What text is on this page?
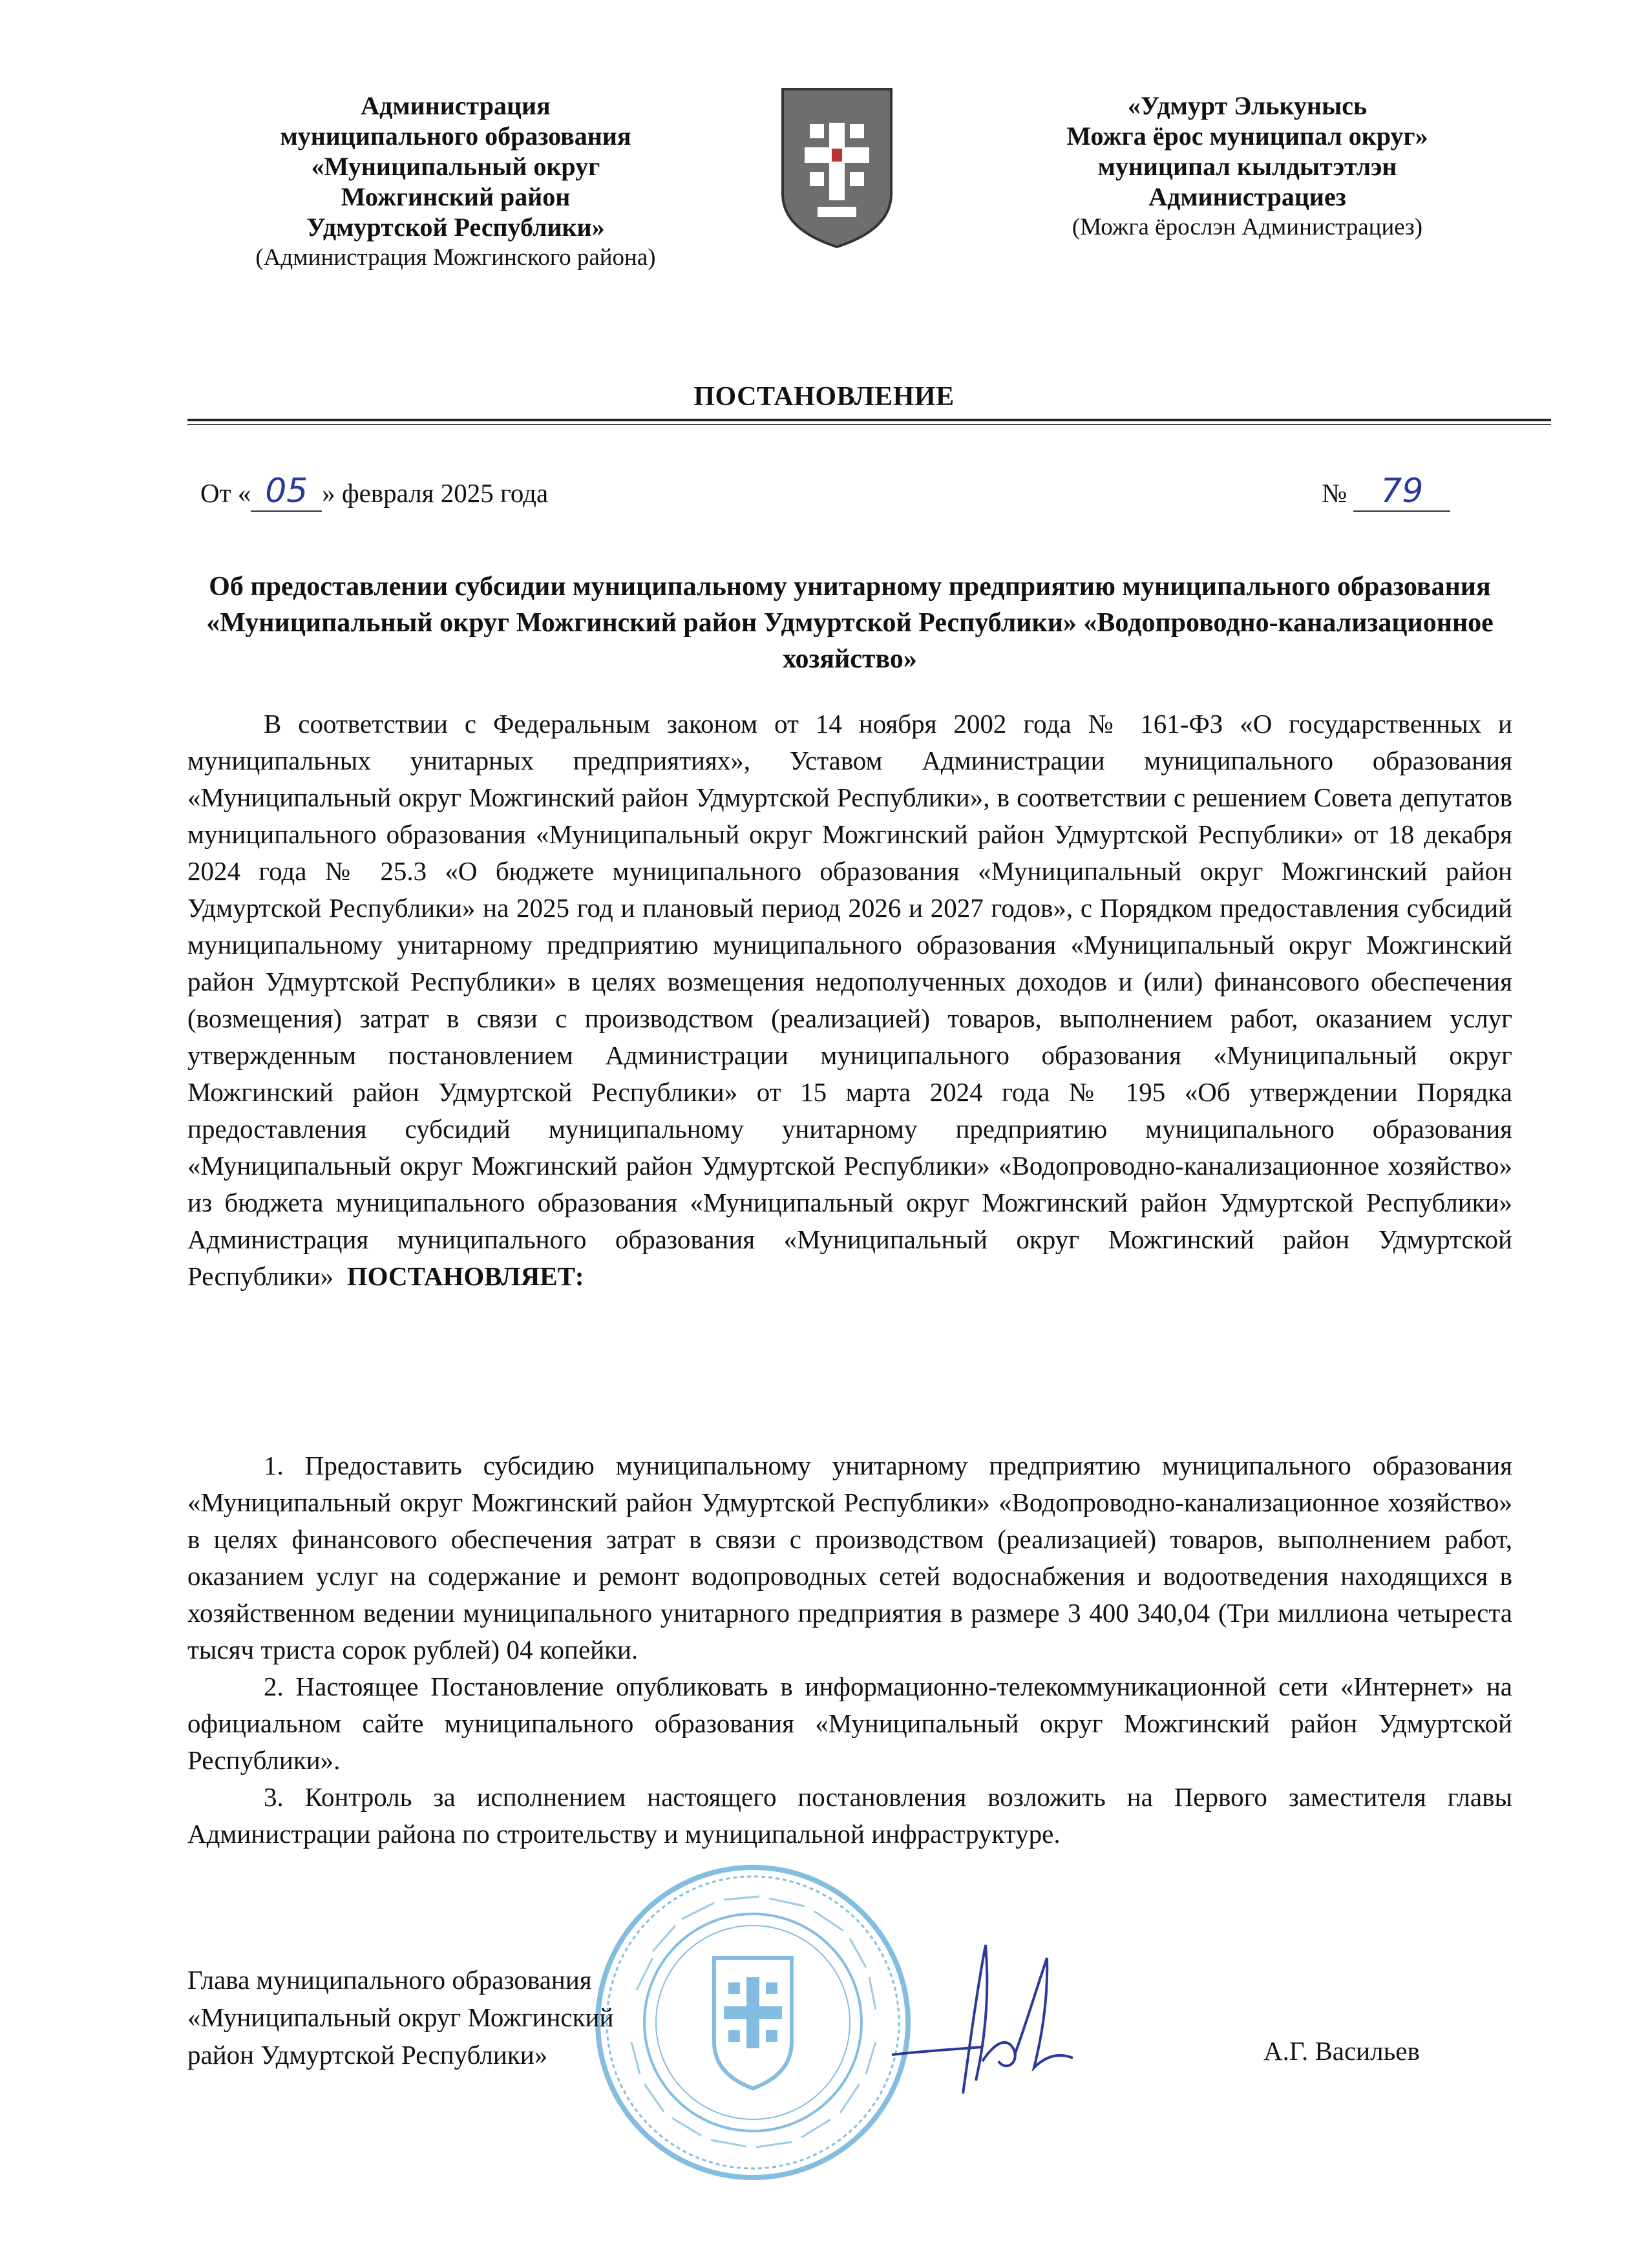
Администрация
муниципального образования
«Муниципальный округ
Можгинский район
Удмуртской Республики»
(Администрация Можгинского района)
«Удмурт Элькунысь
Можга ёрос муниципал округ»
муниципал кылдытэтлэн
Администрациез
(Можга ёрослэн Администрациез)
ПОСТАНОВЛЕНИЕ
От « 05 » февраля 2025 года	№ 79
Об предоставлении субсидии муниципальному унитарному предприятию муниципального образования «Муниципальный округ Можгинский район Удмуртской Республики» «Водопроводно-канализационное хозяйство»

В соответствии с Федеральным законом от 14 ноября 2002 года № 161-ФЗ «О государственных и муниципальных унитарных предприятиях», Уставом Администрации муниципального образования «Муниципальный округ Можгинский район Удмуртской Республики», в соответствии с решением Совета депутатов муниципального образования «Муниципальный округ Можгинский район Удмуртской Республики» от 18 декабря 2024 года № 25.3 «О бюджете муниципального образования «Муниципальный округ Можгинский район Удмуртской Республики» на 2025 год и плановый период 2026 и 2027 годов», с Порядком предоставления субсидий муниципальному унитарному предприятию муниципального образования «Муниципальный округ Можгинский район Удмуртской Республики» в целях возмещения недополученных доходов и (или) финансового обеспечения (возмещения) затрат в связи с производством (реализацией) товаров, выполнением работ, оказанием услуг утвержденным постановлением Администрации муниципального образования «Муниципальный округ Можгинский район Удмуртской Республики» от 15 марта 2024 года № 195 «Об утверждении Порядка предоставления субсидий муниципальному унитарному предприятию муниципального образования «Муниципальный округ Можгинский район Удмуртской Республики» «Водопроводно-канализационное хозяйство» из бюджета муниципального образования «Муниципальный округ Можгинский район Удмуртской Республики» Администрация муниципального образования «Муниципальный округ Можгинский район Удмуртской Республики» ПОСТАНОВЛЯЕТ:

1. Предоставить субсидию муниципальному унитарному предприятию муниципального образования «Муниципальный округ Можгинский район Удмуртской Республики» «Водопроводно-канализационное хозяйство» в целях финансового обеспечения затрат в связи с производством (реализацией) товаров, выполнением работ, оказанием услуг на содержание и ремонт водопроводных сетей водоснабжения и водоотведения находящихся в хозяйственном ведении муниципального унитарного предприятия в размере 3 400 340,04 (Три миллиона четыреста тысяч триста сорок рублей) 04 копейки.

2. Настоящее Постановление опубликовать в информационно-телекоммуникационной сети «Интернет» на официальном сайте муниципального образования «Муниципальный округ Можгинский район Удмуртской Республики».

3. Контроль за исполнением настоящего постановления возложить на Первого заместителя главы Администрации района по строительству и муниципальной инфраструктуре.

Глава муниципального образования
«Муниципальный округ Можгинский
район Удмуртской Республики»	А.Г. Васильев
